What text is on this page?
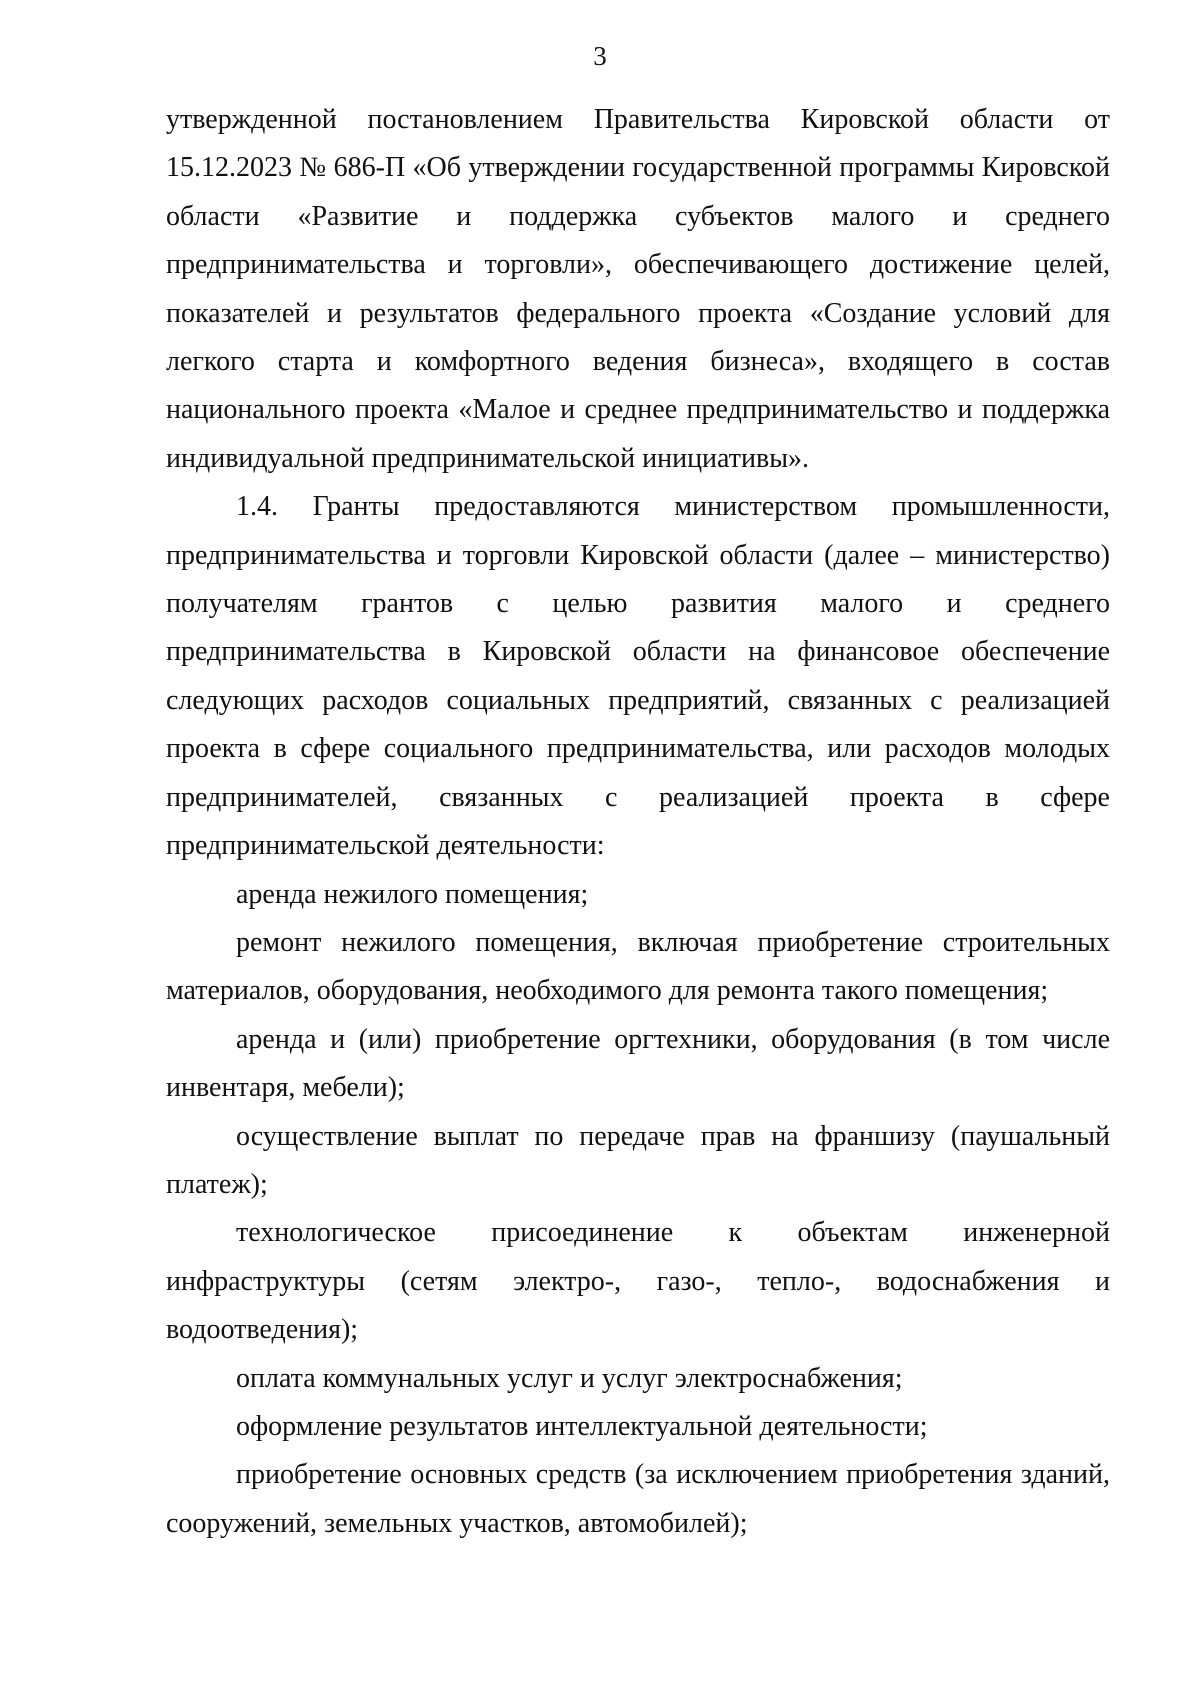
3

утвержденной постановлением Правительства Кировской области от 15.12.2023 № 686-П «Об утверждении государственной программы Кировской области «Развитие и поддержка субъектов малого и среднего предпринимательства и торговли», обеспечивающего достижение целей, показателей и результатов федерального проекта «Создание условий для легкого старта и комфортного ведения бизнеса», входящего в состав национального проекта «Малое и среднее предпринимательство и поддержка индивидуальной предпринимательской инициативы».

1.4. Гранты предоставляются министерством промышленности, предпринимательства и торговли Кировской области (далее – министерство) получателям грантов с целью развития малого и среднего предпринимательства в Кировской области на финансовое обеспечение следующих расходов социальных предприятий, связанных с реализацией проекта в сфере социального предпринимательства, или расходов молодых предпринимателей, связанных с реализацией проекта в сфере предпринимательской деятельности:

аренда нежилого помещения;

ремонт нежилого помещения, включая приобретение строительных материалов, оборудования, необходимого для ремонта такого помещения;

аренда и (или) приобретение оргтехники, оборудования (в том числе инвентаря, мебели);

осуществление выплат по передаче прав на франшизу (паушальный платеж);

технологическое присоединение к объектам инженерной инфраструктуры (сетям электро-, газо-, тепло-, водоснабжения и водоотведения);

оплата коммунальных услуг и услуг электроснабжения;

оформление результатов интеллектуальной деятельности;

приобретение основных средств (за исключением приобретения зданий, сооружений, земельных участков, автомобилей);
